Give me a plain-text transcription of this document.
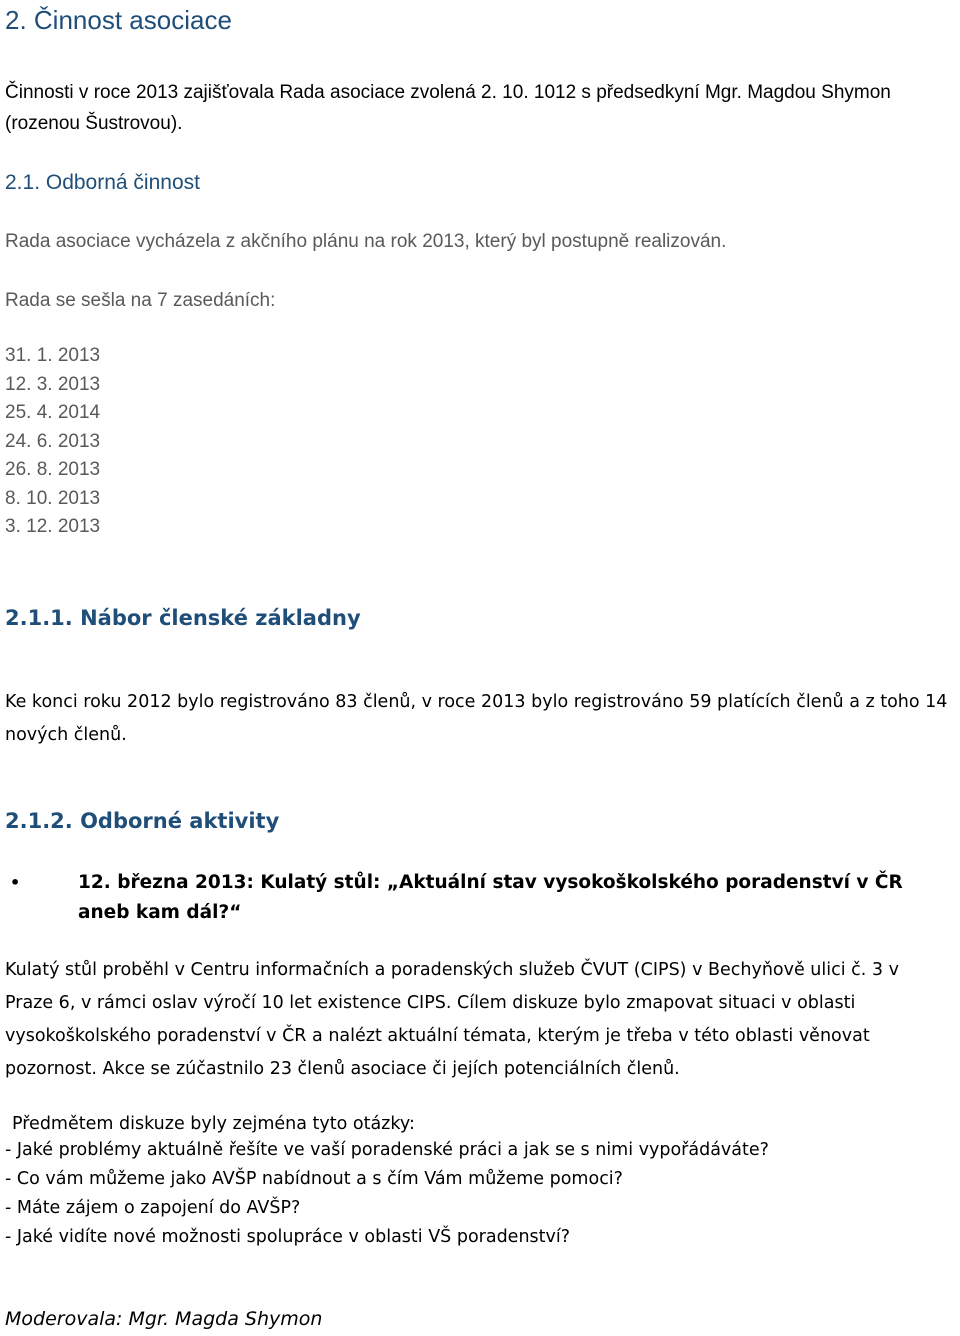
2. Činnost asociace
Činnosti v roce 2013 zajišťovala Rada asociace zvolená 2. 10. 1012 s předsedkyní Mgr. Magdou Shymon (rozenou Šustrovou).
2.1. Odborná činnost
Rada asociace vycházela z akčního plánu na rok 2013, který byl postupně realizován.
Rada se sešla na 7 zasedáních:
31. 1. 2013
12. 3. 2013
25. 4. 2014
24. 6. 2013
26. 8. 2013
8. 10. 2013
3. 12. 2013
2.1.1. Nábor členské základny
Ke konci roku 2012 bylo registrováno 83 členů, v roce 2013 bylo registrováno 59 platících členů a z toho 14 nových členů.
2.1.2. Odborné aktivity
•	12. března 2013: Kulatý stůl: „Aktuální stav vysokoškolského poradenství v ČR aneb kam dál?“
Kulatý stůl proběhl v Centru informačních a poradenských služeb ČVUT (CIPS) v Bechyňově ulici č. 3 v Praze 6, v rámci oslav výročí 10 let existence CIPS. Cílem diskuze bylo zmapovat situaci v oblasti vysokoškolského poradenství v ČR a nalézt aktuální témata, kterým je třeba v této oblasti věnovat pozornost. Akce se zúčastnilo 23 členů asociace či jejích potenciálních členů.
Předmětem diskuze byly zejména tyto otázky:
- Jaké problémy aktuálně řešíte ve vaší poradenské práci a jak se s nimi vypořádáváte?
- Co vám můžeme jako AVŠP nabídnout a s čím Vám můžeme pomoci?
- Máte zájem o zapojení do AVŠP?
- Jaké vidíte nové možnosti spolupráce v oblasti VŠ poradenství?
Moderovala: Mgr. Magda Shymon
